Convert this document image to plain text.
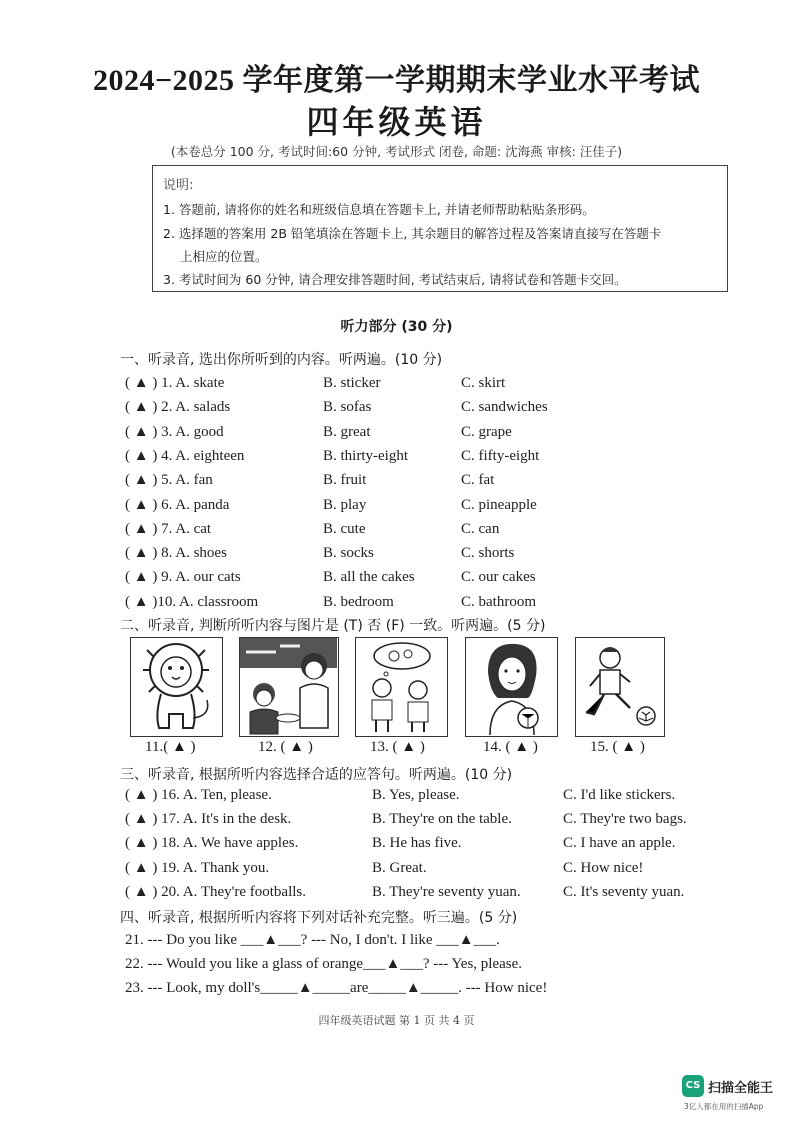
2024−2025 学年度第一学期期末学业水平考试
四年级英语
(本卷总分 100 分, 考试时间:60 分钟, 考试形式 闭卷, 命题: 沈海燕 审核: 汪佳子)
说明:
1. 答题前, 请将你的姓名和班级信息填在答题卡上, 并请老师帮助粘贴条形码。
2. 选择题的答案用 2B 铅笔填涂在答题卡上, 其余题目的解答过程及答案请直接写在答题卡
上相应的位置。
3. 考试时间为 60 分钟, 请合理安排答题时间, 考试结束后, 请将试卷和答题卡交回。
听力部分 (30 分)
一、听录音, 选出你所听到的内容。听两遍。(10 分)
( ▲ ) 1. A. skate	B. sticker	C. skirt
( ▲ ) 2. A. salads	B. sofas	C. sandwiches
( ▲ ) 3. A. good	B. great	C. grape
( ▲ ) 4. A. eighteen	B. thirty-eight	C. fifty-eight
( ▲ ) 5. A. fan	B. fruit	C. fat
( ▲ ) 6. A. panda	B. play	C. pineapple
( ▲ ) 7. A. cat	B. cute	C. can
( ▲ ) 8. A. shoes	B. socks	C. shorts
( ▲ ) 9. A. our cats	B. all the cakes	C. our cakes
( ▲ )10. A. classroom	B. bedroom	C. bathroom
二、听录音, 判断所听内容与图片是 (T) 否 (F) 一致。听两遍。(5 分)
11.( ▲ )	12. ( ▲ )	13. ( ▲ )	14. ( ▲ )	15. ( ▲ )
三、听录音, 根据所听内容选择合适的应答句。听两遍。(10 分)
( ▲ ) 16. A. Ten, please.	B. Yes, please.	C. I'd like stickers.
( ▲ ) 17. A. It's in the desk.	B. They're on the table.	C. They're two bags.
( ▲ ) 18. A. We have apples.	B. He has five.	C. I have an apple.
( ▲ ) 19. A. Thank you.	B. Great.	C. How nice!
( ▲ ) 20. A. They're footballs.	B. They're seventy yuan.	C. It's seventy yuan.
四、听录音, 根据所听内容将下列对话补充完整。听三遍。(5 分)
21. --- Do you like ___▲___? --- No, I don't. I like ___▲___.
22. --- Would you like a glass of orange___▲___? --- Yes, please.
23. --- Look, my doll's_____▲_____are_____▲_____. --- How nice!
四年级英语试题 第 1 页 共 4 页
CS 扫描全能王
3亿人都在用的扫描App
